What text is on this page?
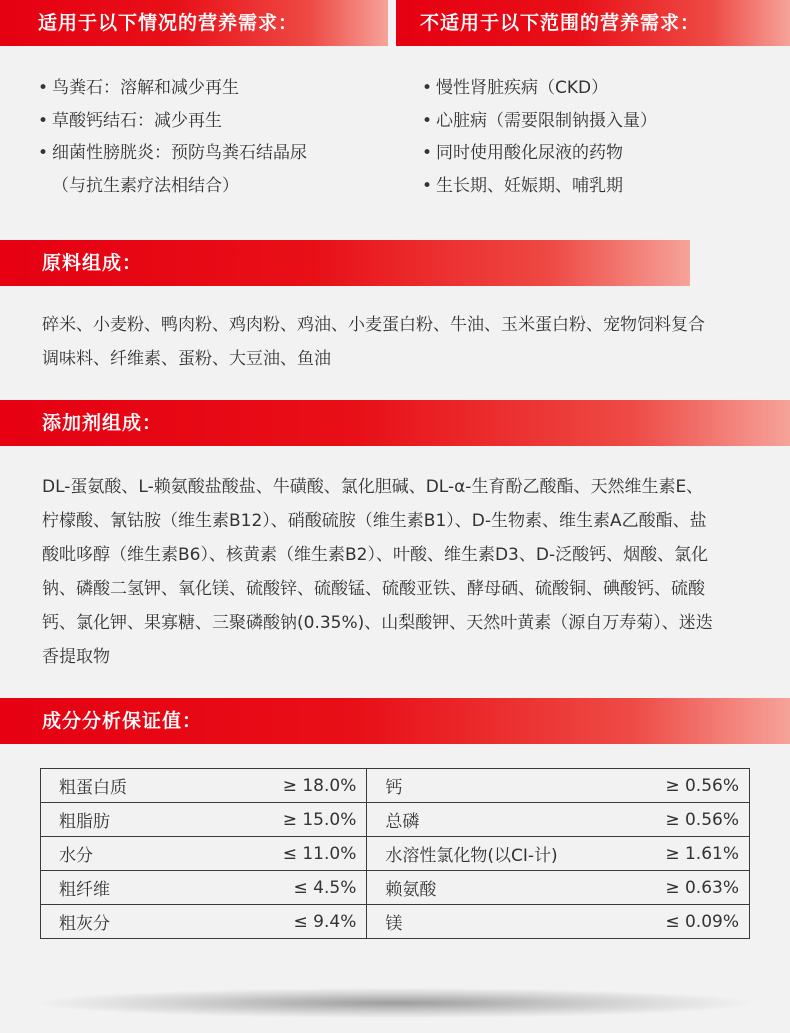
适用于以下情况的营养需求：	不适用于以下范围的营养需求：
• 鸟粪石：溶解和减少再生
• 草酸钙结石：减少再生
• 细菌性膀胱炎：预防鸟粪石结晶尿
（与抗生素疗法相结合）
• 慢性肾脏疾病（CKD）
• 心脏病（需要限制钠摄入量）
• 同时使用酸化尿液的药物
• 生长期、妊娠期、哺乳期
原料组成：
碎米、小麦粉、鸭肉粉、鸡肉粉、鸡油、小麦蛋白粉、牛油、玉米蛋白粉、宠物饲料复合
调味料、纤维素、蛋粉、大豆油、鱼油
添加剂组成：
DL-蛋氨酸、L-赖氨酸盐酸盐、牛磺酸、氯化胆碱、DL-α-生育酚乙酸酯、天然维生素E、
柠檬酸、氰钴胺（维生素B12）、硝酸硫胺（维生素B1）、D-生物素、维生素A乙酸酯、盐
酸吡哆醇（维生素B6）、核黄素（维生素B2）、叶酸、维生素D3、D-泛酸钙、烟酸、氯化
钠、磷酸二氢钾、氧化镁、硫酸锌、硫酸锰、硫酸亚铁、酵母硒、硫酸铜、碘酸钙、硫酸
钙、氯化钾、果寡糖、三聚磷酸钠(0.35%)、山梨酸钾、天然叶黄素（源自万寿菊）、迷迭
香提取物
成分分析保证值：
粗蛋白质	≥ 18.0%	钙	≥ 0.56%
粗脂肪	≥ 15.0%	总磷	≥ 0.56%
水分	≤ 11.0%	水溶性氯化物(以CI-计)	≥ 1.61%
粗纤维	≤ 4.5%	赖氨酸	≥ 0.63%
粗灰分	≤ 9.4%	镁	≤ 0.09%
